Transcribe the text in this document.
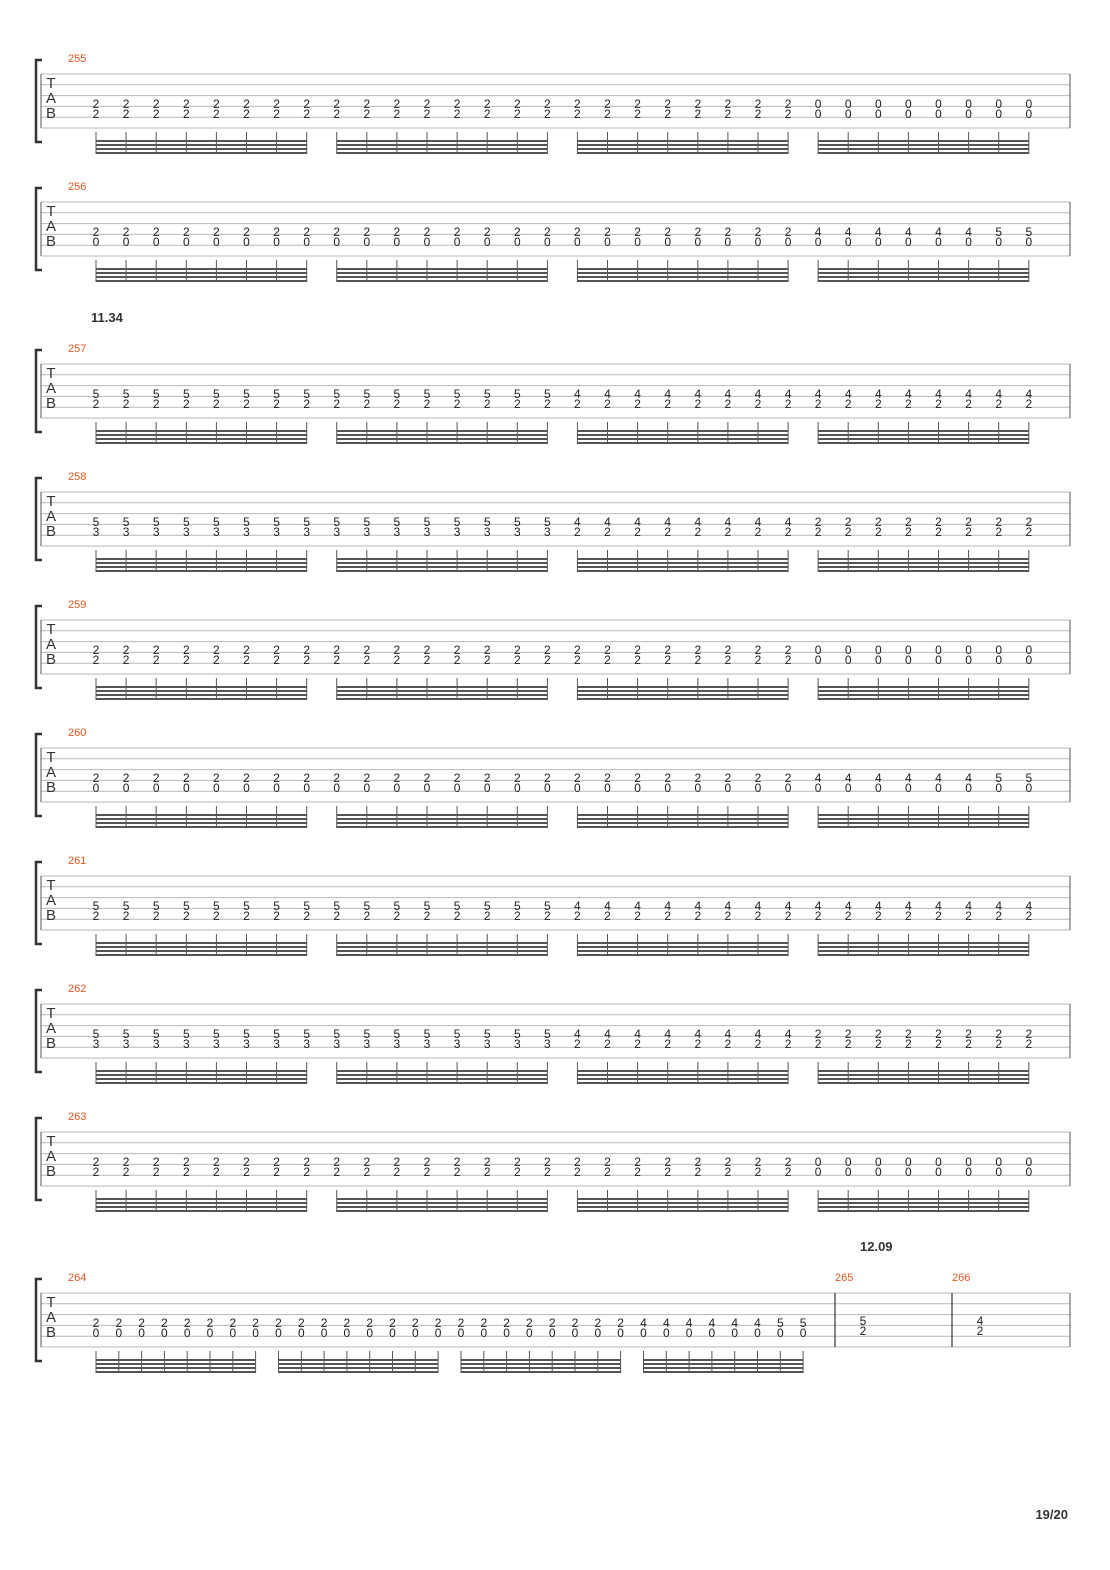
T
A
B
255
2
2
2
2
2
2
2
2
2
2
2
2
2
2
2
2
2
2
2
2
2
2
2
2
2
2
2
2
2
2
2
2
2
2
2
2
2
2
2
2
2
2
2
2
2
2
2
2
0
0
0
0
0
0
0
0
0
0
0
0
0
0
0
0
T
A
B
256
2
0
2
0
2
0
2
0
2
0
2
0
2
0
2
0
2
0
2
0
2
0
2
0
2
0
2
0
2
0
2
0
2
0
2
0
2
0
2
0
2
0
2
0
2
0
2
0
4
0
4
0
4
0
4
0
4
0
4
0
5
0
5
0
T
A
B
11.34
257
5
2
5
2
5
2
5
2
5
2
5
2
5
2
5
2
5
2
5
2
5
2
5
2
5
2
5
2
5
2
5
2
4
2
4
2
4
2
4
2
4
2
4
2
4
2
4
2
4
2
4
2
4
2
4
2
4
2
4
2
4
2
4
2
T
A
B
258
5
3
5
3
5
3
5
3
5
3
5
3
5
3
5
3
5
3
5
3
5
3
5
3
5
3
5
3
5
3
5
3
4
2
4
2
4
2
4
2
4
2
4
2
4
2
4
2
2
2
2
2
2
2
2
2
2
2
2
2
2
2
2
2
T
A
B
259
2
2
2
2
2
2
2
2
2
2
2
2
2
2
2
2
2
2
2
2
2
2
2
2
2
2
2
2
2
2
2
2
2
2
2
2
2
2
2
2
2
2
2
2
2
2
2
2
0
0
0
0
0
0
0
0
0
0
0
0
0
0
0
0
T
A
B
260
2
0
2
0
2
0
2
0
2
0
2
0
2
0
2
0
2
0
2
0
2
0
2
0
2
0
2
0
2
0
2
0
2
0
2
0
2
0
2
0
2
0
2
0
2
0
2
0
4
0
4
0
4
0
4
0
4
0
4
0
5
0
5
0
T
A
B
261
5
2
5
2
5
2
5
2
5
2
5
2
5
2
5
2
5
2
5
2
5
2
5
2
5
2
5
2
5
2
5
2
4
2
4
2
4
2
4
2
4
2
4
2
4
2
4
2
4
2
4
2
4
2
4
2
4
2
4
2
4
2
4
2
T
A
B
262
5
3
5
3
5
3
5
3
5
3
5
3
5
3
5
3
5
3
5
3
5
3
5
3
5
3
5
3
5
3
5
3
4
2
4
2
4
2
4
2
4
2
4
2
4
2
4
2
2
2
2
2
2
2
2
2
2
2
2
2
2
2
2
2
T
A
B
263
2
2
2
2
2
2
2
2
2
2
2
2
2
2
2
2
2
2
2
2
2
2
2
2
2
2
2
2
2
2
2
2
2
2
2
2
2
2
2
2
2
2
2
2
2
2
2
2
0
0
0
0
0
0
0
0
0
0
0
0
0
0
0
0
T
A
B
12.09
264
2
0
2
0
2
0
2
0
2
0
2
0
2
0
2
0
2
0
2
0
2
0
2
0
2
0
2
0
2
0
2
0
2
0
2
0
2
0
2
0
2
0
2
0
2
0
2
0
4
0
4
0
4
0
4
0
4
0
4
0
5
0
5
0
265
5
2
266
4
2
19/20
